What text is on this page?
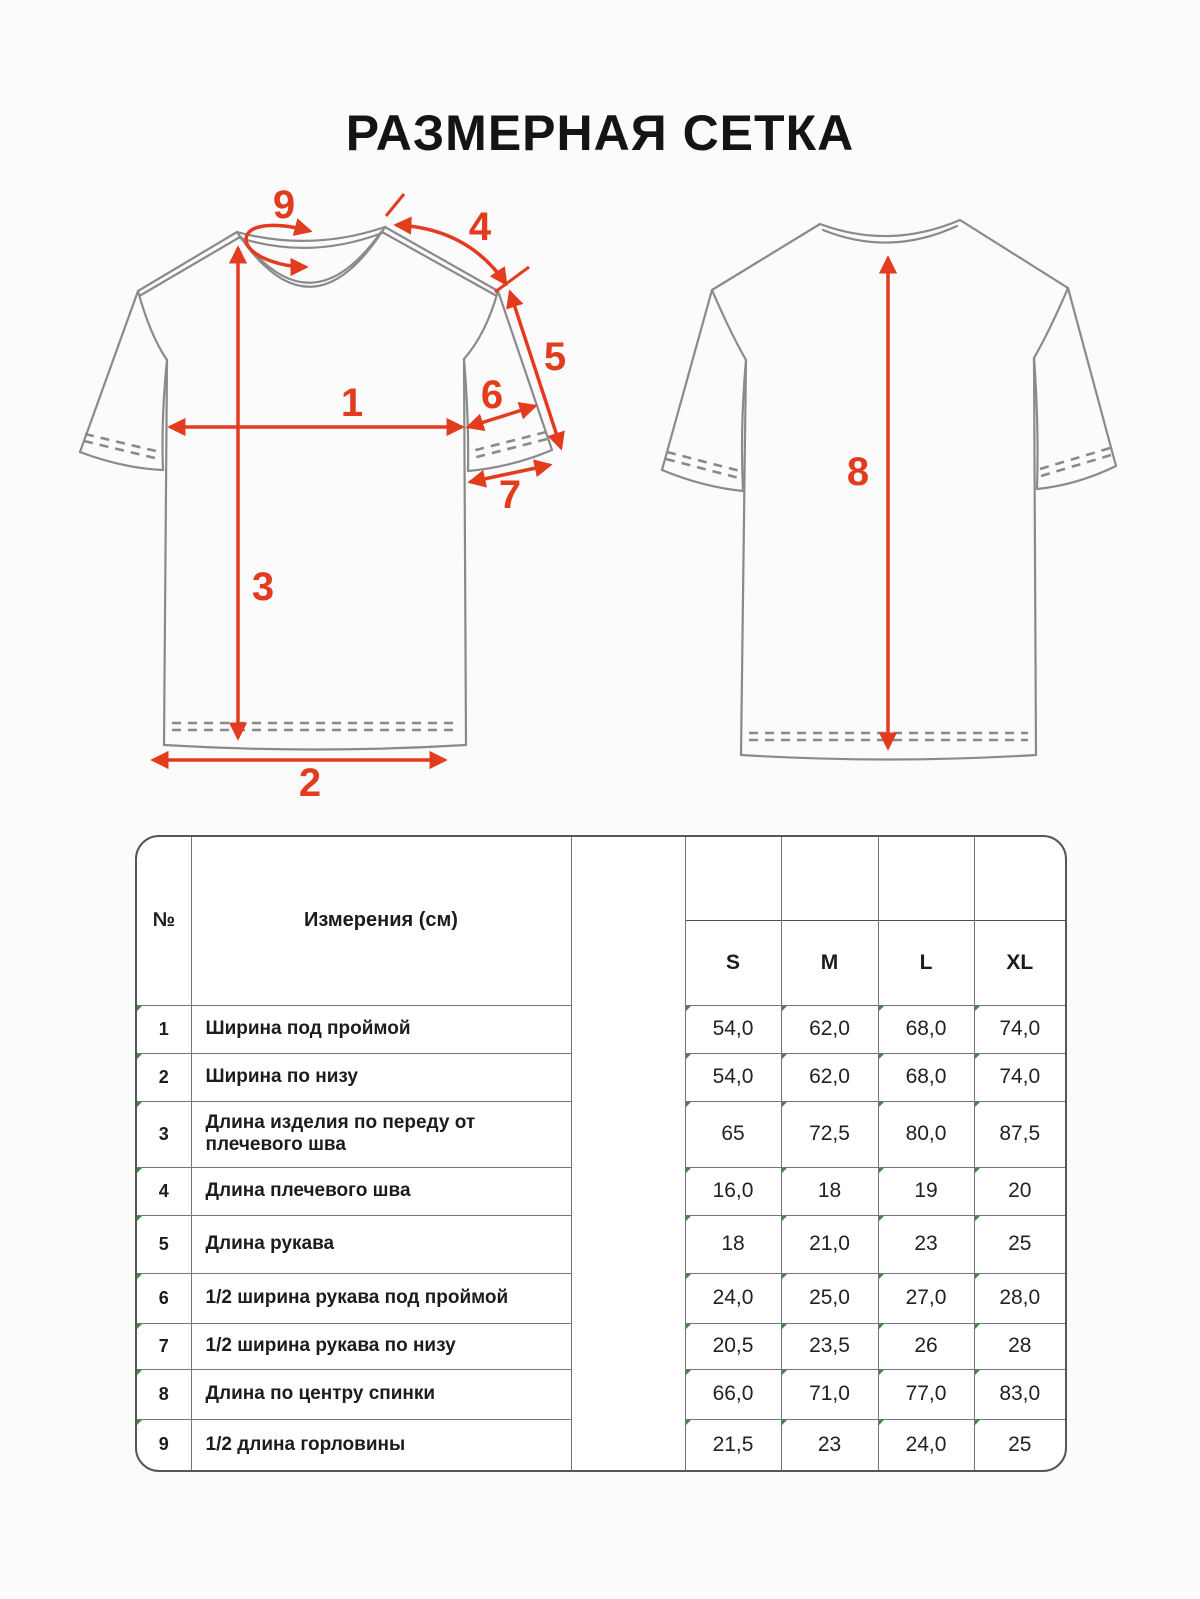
РАЗМЕРНАЯ СЕТКА
1
2
3
4
5
6
7
9
8
№	Измерения (см)					
			S	M	L	XL
1	Ширина под проймой		54,0	62,0	68,0	74,0
2	Ширина по низу		54,0	62,0	68,0	74,0
3	Длина изделия по переду от плечевого шва		65	72,5	80,0	87,5
4	Длина плечевого шва		16,0	18	19	20
5	Длина рукава		18	21,0	23	25
6	1/2 ширина рукава под проймой		24,0	25,0	27,0	28,0
7	1/2 ширина рукава по низу		20,5	23,5	26	28
8	Длина по центру спинки		66,0	71,0	77,0	83,0
9	1/2 длина горловины		21,5	23	24,0	25
